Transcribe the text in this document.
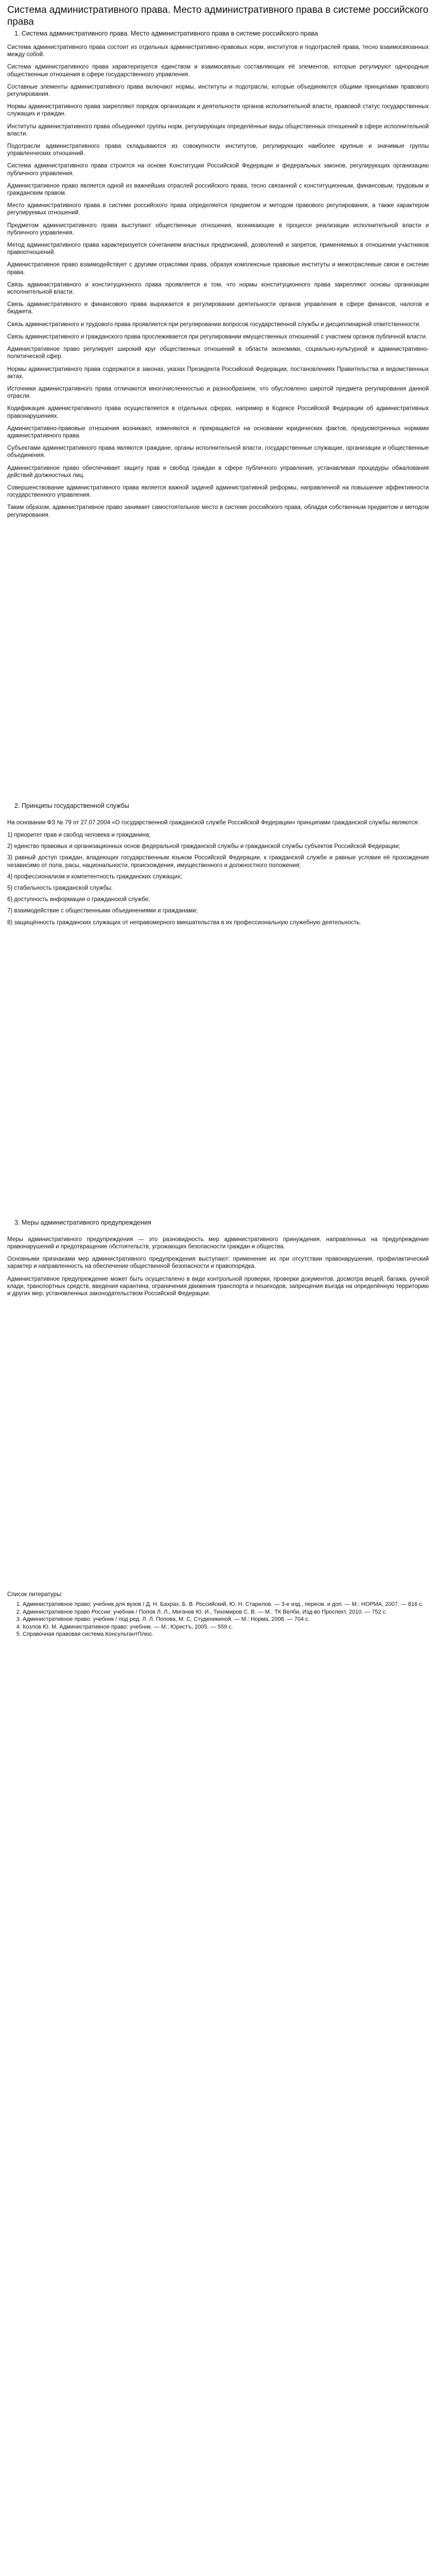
Система административного права. Место административного права в системе российского права
1. Система административного права. Место административного права в системе российского права

Система административного права состоит из отдельных административно-правовых норм, институтов и подотраслей права, тесно взаимосвязанных между собой.

Система административного права характеризуется единством и взаимосвязью составляющих её элементов, которые регулируют однородные общественные отношения в сфере государственного управления.

Составные элементы административного права включают нормы, институты и подотрасли, которые объединяются общими принципами правового регулирования.

Нормы административного права закрепляют порядок организации и деятельности органов исполнительной власти, правовой статус государственных служащих и граждан.

Институты административного права объединяют группы норм, регулирующих определённые виды общественных отношений в сфере исполнительной власти.

Подотрасли административного права складываются из совокупности институтов, регулирующих наиболее крупные и значимые группы управленческих отношений.

Система административного права строится на основе Конституции Российской Федерации и федеральных законов, регулирующих организацию публичного управления.

Административное право является одной из важнейших отраслей российского права, тесно связанной с конституционным, финансовым, трудовым и гражданским правом.

Место административного права в системе российского права определяется предметом и методом правового регулирования, а также характером регулируемых отношений.

Предметом административного права выступают общественные отношения, возникающие в процессе реализации исполнительной власти и публичного управления.

Метод административного права характеризуется сочетанием властных предписаний, дозволений и запретов, применяемых в отношении участников правоотношений.

Административное право взаимодействует с другими отраслями права, образуя комплексные правовые институты и межотраслевые связи в системе права.

Связь административного и конституционного права проявляется в том, что нормы конституционного права закрепляют основы организации исполнительной власти.

Связь административного и финансового права выражается в регулировании деятельности органов управления в сфере финансов, налогов и бюджета.

Связь административного и трудового права проявляется при регулировании вопросов государственной службы и дисциплинарной ответственности.

Связь административного и гражданского права прослеживается при регулировании имущественных отношений с участием органов публичной власти.

Административное право регулирует широкий круг общественных отношений в области экономики, социально-культурной и административно-политической сфер.

Нормы административного права содержатся в законах, указах Президента Российской Федерации, постановлениях Правительства и ведомственных актах.

Источники административного права отличаются многочисленностью и разнообразием, что обусловлено широтой предмета регулирования данной отрасли.

Кодификация административного права осуществляется в отдельных сферах, например в Кодексе Российской Федерации об административных правонарушениях.

Административно-правовые отношения возникают, изменяются и прекращаются на основании юридических фактов, предусмотренных нормами административного права.

Субъектами административного права являются граждане, органы исполнительной власти, государственные служащие, организации и общественные объединения.

Административное право обеспечивает защиту прав и свобод граждан в сфере публичного управления, устанавливая процедуры обжалования действий должностных лиц.

Совершенствование административного права является важной задачей административной реформы, направленной на повышение эффективности государственного управления.

Таким образом, административное право занимает самостоятельное место в системе российского права, обладая собственным предметом и методом регулирования.

2. Принципы государственной службы

На основании ФЗ № 79 от 27.07.2004 «О государственной гражданской службе Российской Федерации» принципами гражданской службы являются:

1) приоритет прав и свобод человека и гражданина;

2) единство правовых и организационных основ федеральной гражданской службы и гражданской службы субъектов Российской Федерации;

3) равный доступ граждан, владеющих государственным языком Российской Федерации, к гражданской службе и равные условия её прохождения независимо от пола, расы, национальности, происхождения, имущественного и должностного положения;

4) профессионализм и компетентность гражданских служащих;

5) стабильность гражданской службы;

6) доступность информации о гражданской службе;

7) взаимодействие с общественными объединениями и гражданами;

8) защищённость гражданских служащих от неправомерного вмешательства в их профессиональную служебную деятельность.

3. Меры административного предупреждения

Меры административного предупреждения — это разновидность мер административного принуждения, направленных на предупреждение правонарушений и предотвращение обстоятельств, угрожающих безопасности граждан и общества.

Основными признаками мер административного предупреждения выступают: применение их при отсутствии правонарушения, профилактический характер и направленность на обеспечение общественной безопасности и правопорядка.

Административное предупреждение может быть осуществлено в виде контрольной проверки, проверки документов, досмотра вещей, багажа, ручной клади, транспортных средств, введения карантина, ограничения движения транспорта и пешеходов, запрещения въезда на определённую территорию и других мер, установленных законодательством Российской Федерации.

Список литературы:
1. Административное право: учебник для вузов / Д. Н. Бахрах, Б. В. Российский, Ю. Н. Старилов. — 3-е изд., пересм. и доп. — М.: НОРМА, 2007. — 816 с.
2. Административное право России: учебник / Попов Л. Л., Мигачев Ю. И., Тихомиров С. В. — М.: ТК Велби, Изд-во Проспект, 2010. — 752 с.
3. Административное право: учебник / под ред. Л. Л. Попова, М. С. Студеникиной. — М.: Норма, 2008. — 704 с.
4. Козлов Ю. М. Административное право: учебник. — М.: Юристъ, 2005. — 559 с.
5. Справочная правовая система КонсультантПлюс.
